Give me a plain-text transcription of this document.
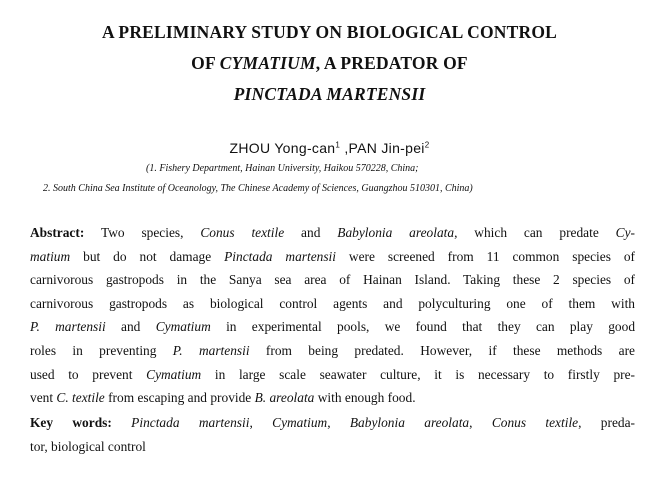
A PRELIMINARY STUDY ON BIOLOGICAL CONTROL
OF CYMATIUM, A PREDATOR OF
PINCTADA MARTENSII
ZHOU Yong-can$^1$ ,PAN Jin-pei$^2$
(1. Fishery Department, Hainan University, Haikou 570228, China;
2. South China Sea Institute of Oceanology, The Chinese Academy of Sciences, Guangzhou 510301, China)
Abstract: Two species, Conus textile and Babylonia areolata, which can predate Cy-
matium but do not damage Pinctada martensii were screened from 11 common species of
carnivorous gastropods in the Sanya sea area of Hainan Island. Taking these 2 species of
carnivorous gastropods as biological control agents and polyculturing one of them with
P. martensii and Cymatium in experimental pools, we found that they can play good
roles in preventing P. martensii from being predated. However, if these methods are
used to prevent Cymatium in large scale seawater culture, it is necessary to firstly pre-
vent C. textile from escaping and provide B. areolata with enough food.
Key words: Pinctada martensii, Cymatium, Babylonia areolata, Conus textile, preda-
tor, biological control
